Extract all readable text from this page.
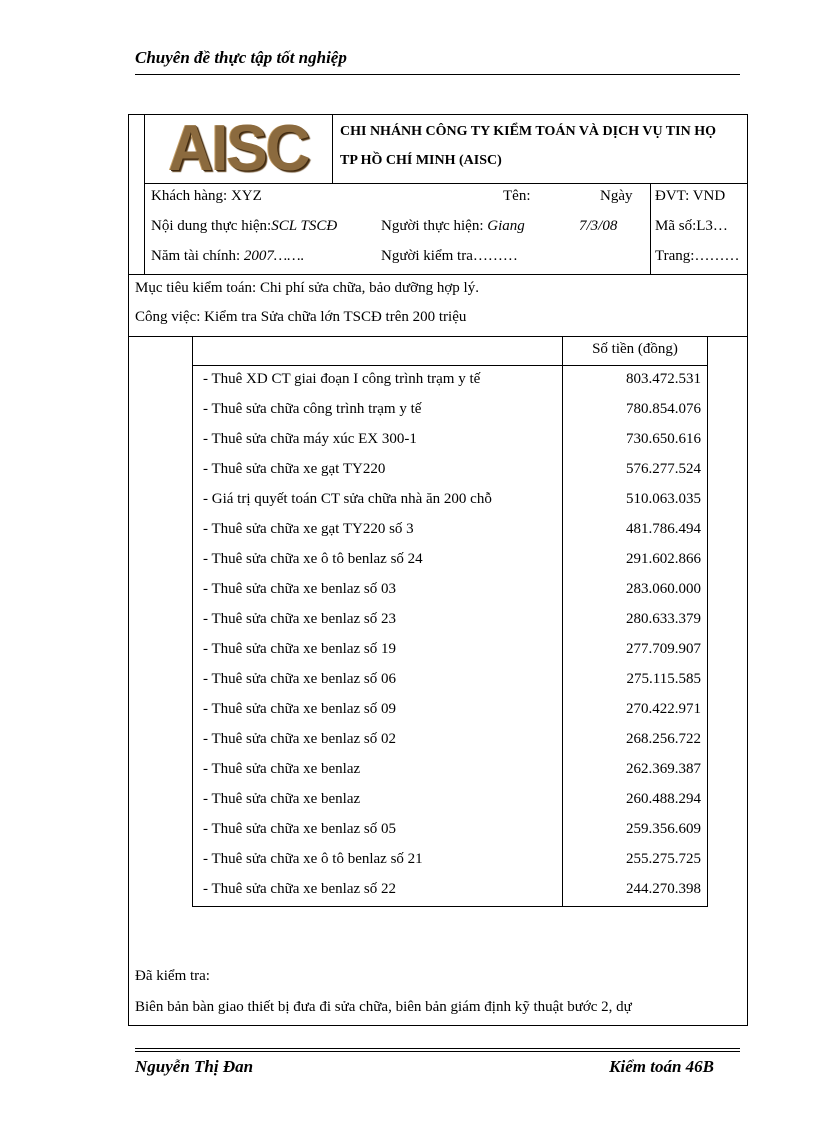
Chuyên đề thực tập tốt nghiệp
AISC CHI NHÁNH CÔNG TY KIỂM TOÁN VÀ DỊCH VỤ TIN HỌ
TP HỒ CHÍ MINH (AISC)
Khách hàng: XYZ	Tên:	Ngày ĐVT: VND
Nội dung thực hiện:SCL TSCĐ	Người thực hiện: Giang	7/3/08	Mã số:L3…
Năm tài chính: 2007…….	Người kiểm tra………	Trang:………
Mục tiêu kiểm toán: Chi phí sửa chữa, bảo dưỡng hợp lý.
Công việc: Kiểm tra Sửa chữa lớn TSCĐ trên 200 triệu
Số tiền (đồng)
- Thuê XD CT giai đoạn I công trình trạm y tế	803.472.531
- Thuê sửa chữa công trình trạm y tế	780.854.076
- Thuê sửa chữa máy xúc EX 300-1	730.650.616
- Thuê sửa chữa xe gạt TY220	576.277.524
- Giá trị quyết toán CT sửa chữa nhà ăn 200 chỗ	510.063.035
- Thuê sửa chữa xe gạt TY220 số 3	481.786.494
- Thuê sửa chữa xe ô tô benlaz số 24	291.602.866
- Thuê sửa chữa xe benlaz số 03	283.060.000
- Thuê sửa chữa xe benlaz số 23	280.633.379
- Thuê sửa chữa xe benlaz số 19	277.709.907
- Thuê sửa chữa xe benlaz số 06	275.115.585
- Thuê sửa chữa xe benlaz số 09	270.422.971
- Thuê sửa chữa xe benlaz số 02	268.256.722
- Thuê sửa chữa xe benlaz	262.369.387
- Thuê sửa chữa xe benlaz	260.488.294
- Thuê sửa chữa xe benlaz số 05	259.356.609
- Thuê sửa chữa xe ô tô benlaz số 21	255.275.725
- Thuê sửa chữa xe benlaz số 22	244.270.398
Đã kiểm tra:
Biên bản bàn giao thiết bị đưa đi sửa chữa, biên bản giám định kỹ thuật bước 2, dự
Nguyễn Thị Đan	Kiểm toán 46B
